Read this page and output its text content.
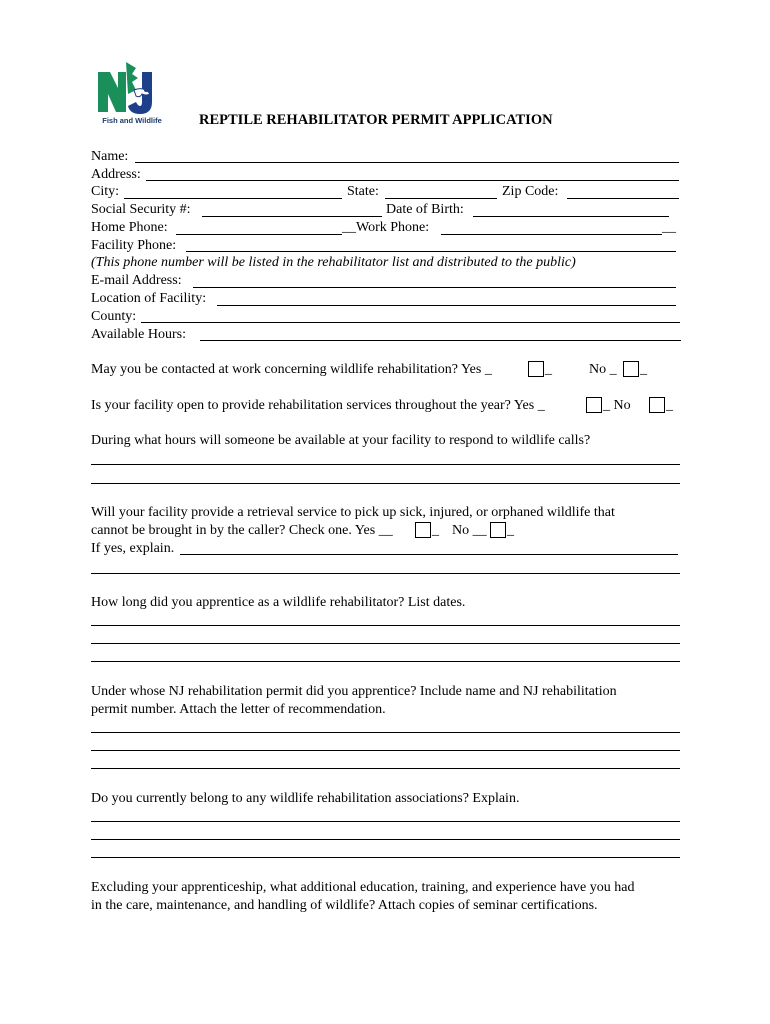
Fish and Wildlife	REPTILE REHABILITATOR PERMIT APPLICATION
Name:
Address:
City:	State:	Zip Code:
Social Security #:	Date of Birth:
Home Phone:	__Work Phone:	__
Facility Phone:
(This phone number will be listed in the rehabilitator list and distributed to the public)
E-mail Address:
Location of Facility:
County:
Available Hours:
May you be contacted at work concerning wildlife rehabilitation? Yes _	_	No _ _
Is your facility open to provide rehabilitation services throughout the year? Yes _	_ No	_
During what hours will someone be available at your facility to respond to wildlife calls?
Will your facility provide a retrieval service to pick up sick, injured, or orphaned wildlife that
cannot be brought in by the caller? Check one. Yes __	_ No __ _
If yes, explain.
How long did you apprentice as a wildlife rehabilitator? List dates.
Under whose NJ rehabilitation permit did you apprentice? Include name and NJ rehabilitation
permit number. Attach the letter of recommendation.
Do you currently belong to any wildlife rehabilitation associations? Explain.
Excluding your apprenticeship, what additional education, training, and experience have you had
in the care, maintenance, and handling of wildlife? Attach copies of seminar certifications.
